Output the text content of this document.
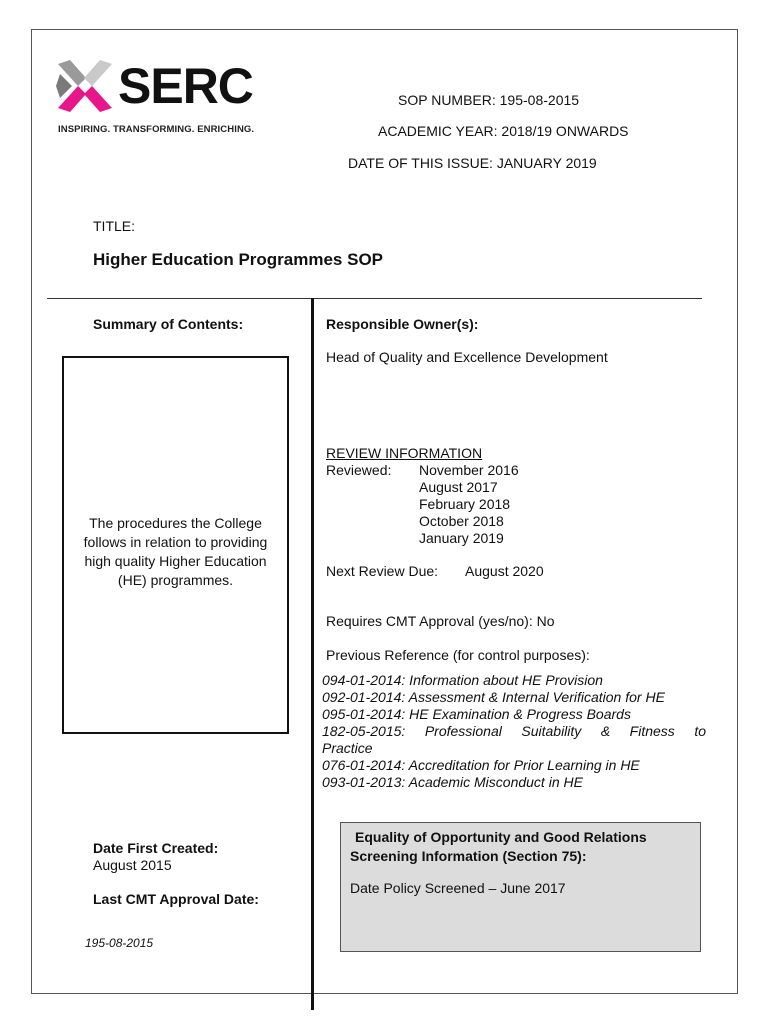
SERC
INSPIRING. TRANSFORMING. ENRICHING.
SOP NUMBER: 195-08-2015
ACADEMIC YEAR: 2018/19 ONWARDS
DATE OF THIS ISSUE: JANUARY 2019
TITLE:
Higher Education Programmes SOP
Summary of Contents:
The procedures the College
follows in relation to providing
high quality Higher Education
(HE) programmes.
Date First Created:
August 2015
Last CMT Approval Date:
195-08-2015
Responsible Owner(s):
Head of Quality and Excellence Development
REVIEW INFORMATION
Reviewed: November 2016
August 2017
February 2018
October 2018
January 2019
Next Review Due: August 2020
Requires CMT Approval (yes/no): No
Previous Reference (for control purposes):
094-01-2014: Information about HE Provision
092-01-2014: Assessment & Internal Verification for HE
095-01-2014: HE Examination & Progress Boards
182-05-2015: Professional Suitability & Fitness to
Practice
076-01-2014: Accreditation for Prior Learning in HE
093-01-2013: Academic Misconduct in HE
Equality of Opportunity and Good Relations
Screening Information (Section 75):
Date Policy Screened – June 2017
